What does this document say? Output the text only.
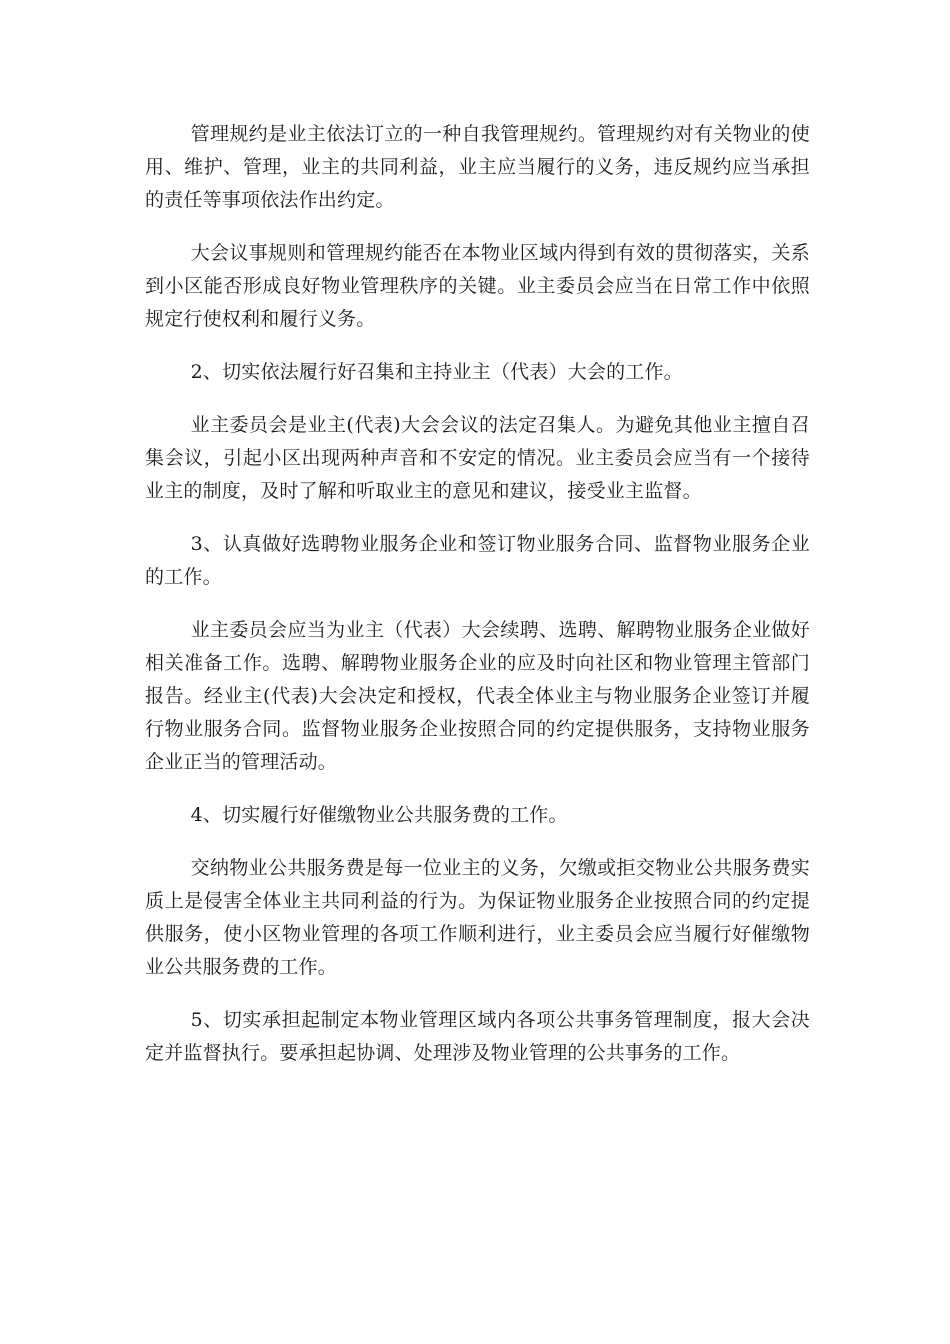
管理规约是业主依法订立的一种自我管理规约。管理规约对有关物业的使用、维护、管理，业主的共同利益，业主应当履行的义务，违反规约应当承担的责任等事项依法作出约定。

大会议事规则和管理规约能否在本物业区域内得到有效的贯彻落实，关系到小区能否形成良好物业管理秩序的关键。业主委员会应当在日常工作中依照规定行使权利和履行义务。

2、切实依法履行好召集和主持业主（代表）大会的工作。

业主委员会是业主(代表)大会会议的法定召集人。为避免其他业主擅自召集会议，引起小区出现两种声音和不安定的情况。业主委员会应当有一个接待业主的制度，及时了解和听取业主的意见和建议，接受业主监督。

3、认真做好选聘物业服务企业和签订物业服务合同、监督物业服务企业的工作。

业主委员会应当为业主（代表）大会续聘、选聘、解聘物业服务企业做好相关准备工作。选聘、解聘物业服务企业的应及时向社区和物业管理主管部门报告。经业主(代表)大会决定和授权，代表全体业主与物业服务企业签订并履行物业服务合同。监督物业服务企业按照合同的约定提供服务，支持物业服务企业正当的管理活动。

4、切实履行好催缴物业公共服务费的工作。

交纳物业公共服务费是每一位业主的义务，欠缴或拒交物业公共服务费实质上是侵害全体业主共同利益的行为。为保证物业服务企业按照合同的约定提供服务，使小区物业管理的各项工作顺利进行，业主委员会应当履行好催缴物业公共服务费的工作。

5、切实承担起制定本物业管理区域内各项公共事务管理制度，报大会决定并监督执行。要承担起协调、处理涉及物业管理的公共事务的工作。
